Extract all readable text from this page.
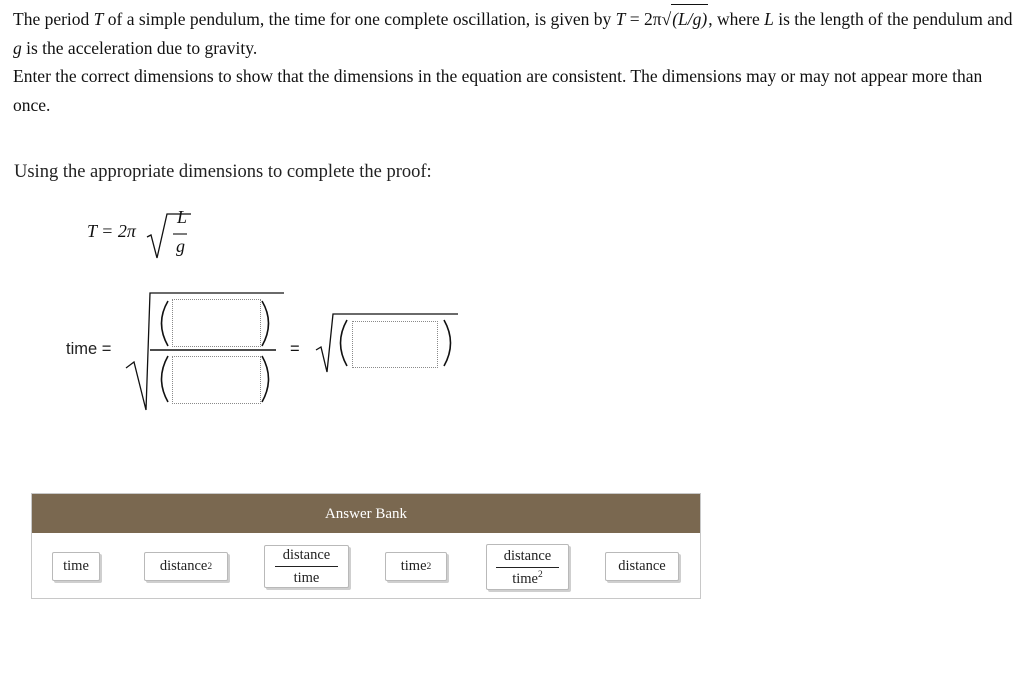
The period T of a simple pendulum, the time for one complete oscillation, is given by T = 2π√(L/g), where L is the length of the pendulum and g is the acceleration due to gravity.

Enter the correct dimensions to show that the dimensions in the equation are consistent. The dimensions may or may not appear more than once.

Using the appropriate dimensions to complete the proof:
T = 2π
L
g
time =	=
Answer Bank
time	distance 2
distance
time
time 2
distance
time$^2$
distance
